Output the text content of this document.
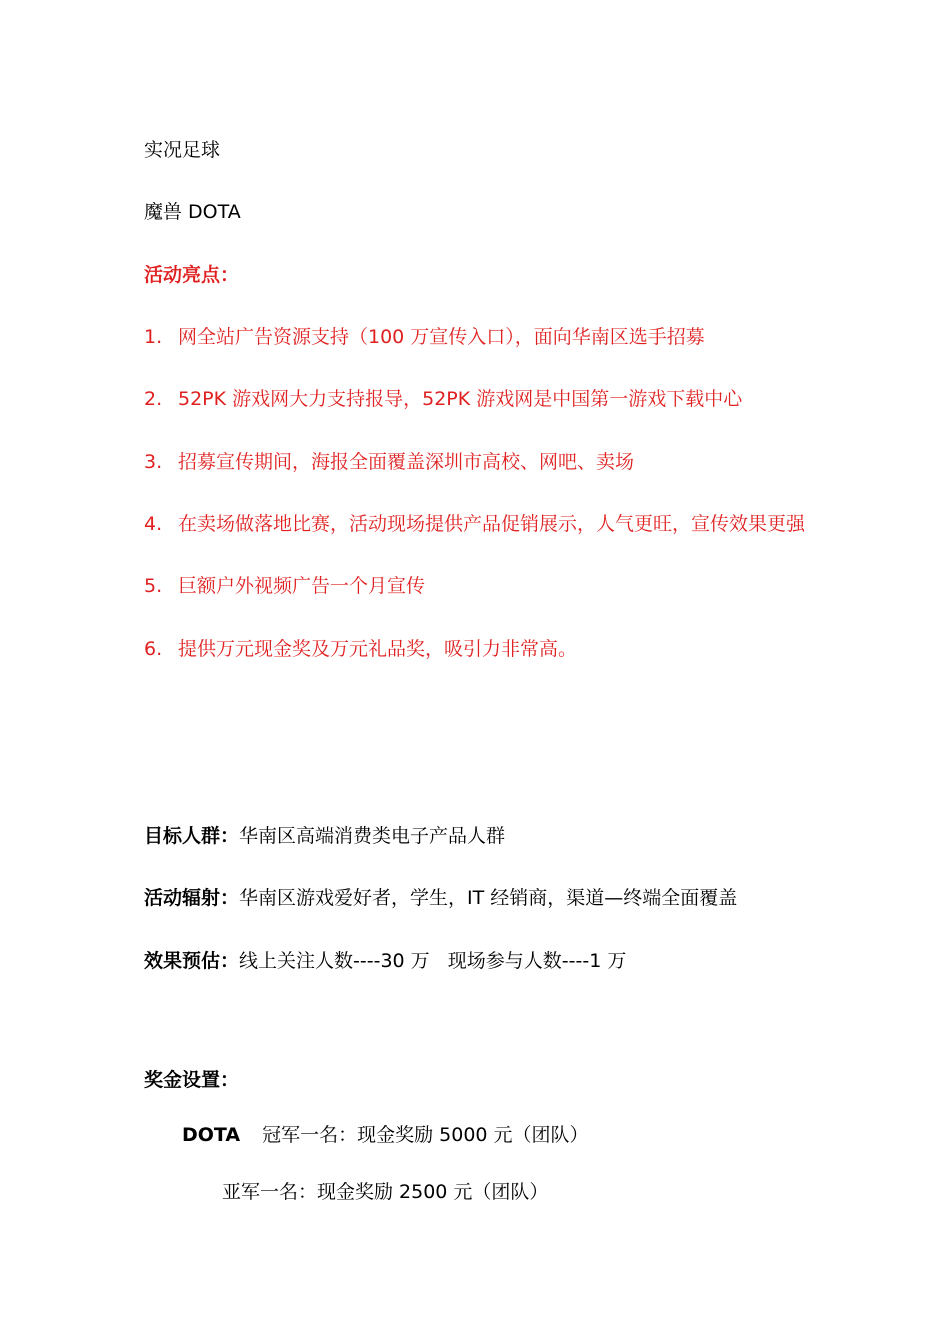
实况足球
魔兽 DOTA
活动亮点：
1. 网全站广告资源支持（100 万宣传入口），面向华南区选手招募
2. 52PK 游戏网大力支持报导，52PK 游戏网是中国第一游戏下载中心
3. 招募宣传期间，海报全面覆盖深圳市高校、网吧、卖场
4. 在卖场做落地比赛，活动现场提供产品促销展示，人气更旺，宣传效果更强
5. 巨额户外视频广告一个月宣传
6. 提供万元现金奖及万元礼品奖，吸引力非常高。
目标人群：华南区高端消费类电子产品人群
活动辐射：华南区游戏爱好者，学生，IT 经销商，渠道—终端全面覆盖
效果预估：线上关注人数----30 万   现场参与人数----1 万
奖金设置：
DOTA 冠军一名：现金奖励 5000 元（团队）
亚军一名：现金奖励 2500 元（团队）
